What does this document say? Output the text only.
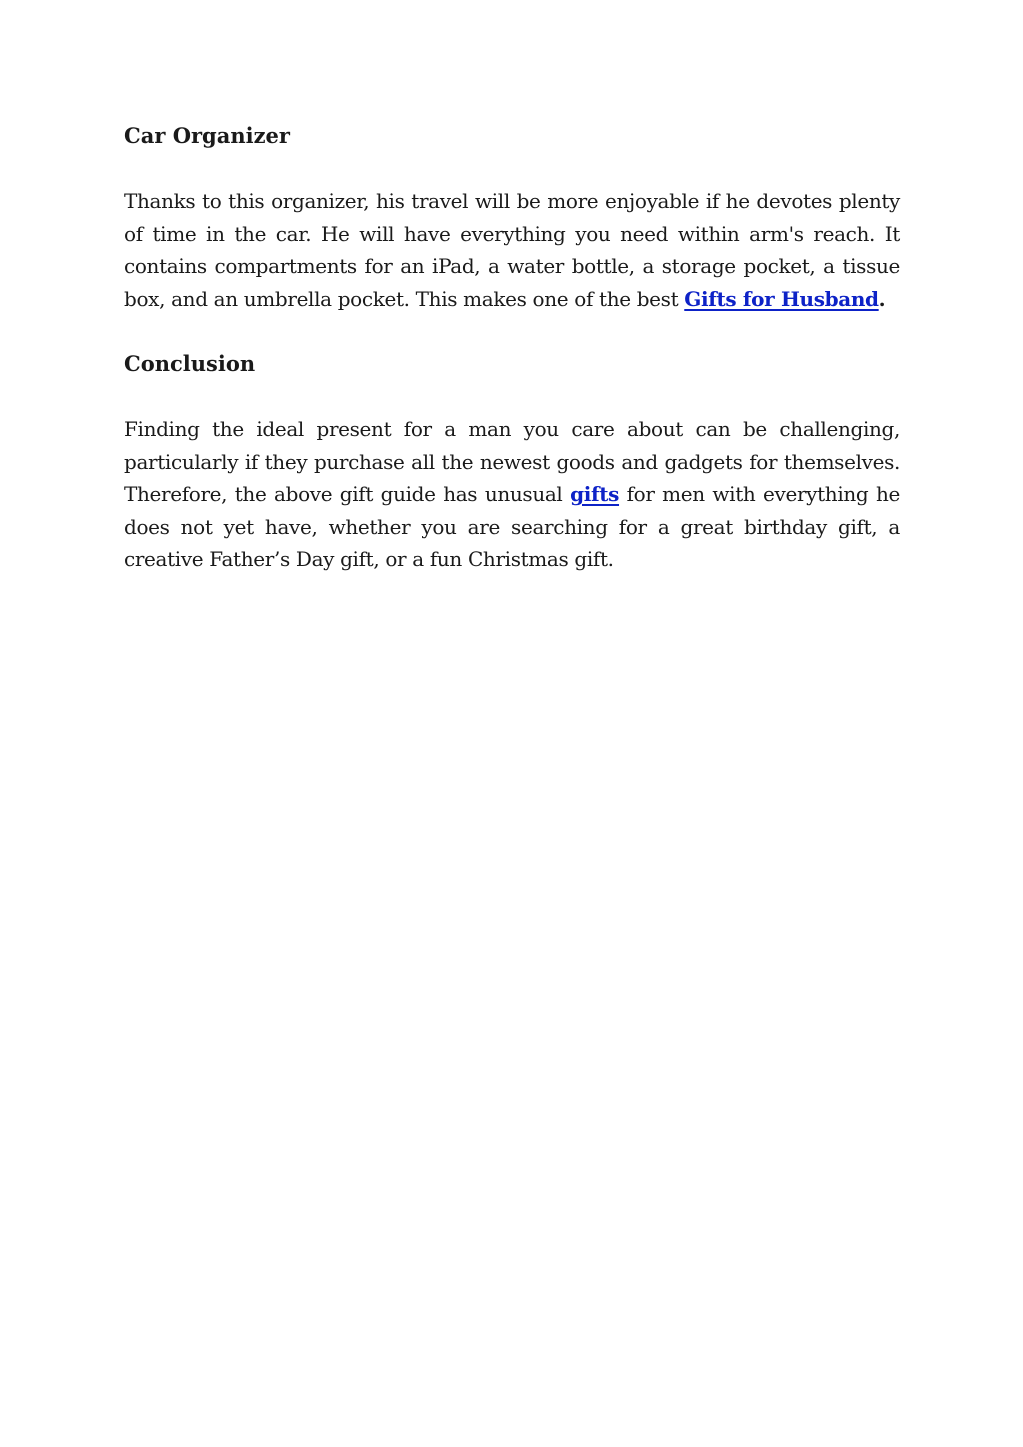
Car Organizer

Thanks to this organizer, his travel will be more enjoyable if he devotes plenty of time in the car. He will have everything you need within arm's reach. It contains compartments for an iPad, a water bottle, a storage pocket, a tissue box, and an umbrella pocket. This makes one of the best Gifts for Husband.

Conclusion

Finding the ideal present for a man you care about can be challenging, particularly if they purchase all the newest goods and gadgets for themselves. Therefore, the above gift guide has unusual gifts for men with everything he does not yet have, whether you are searching for a great birthday gift, a creative Father’s Day gift, or a fun Christmas gift.
